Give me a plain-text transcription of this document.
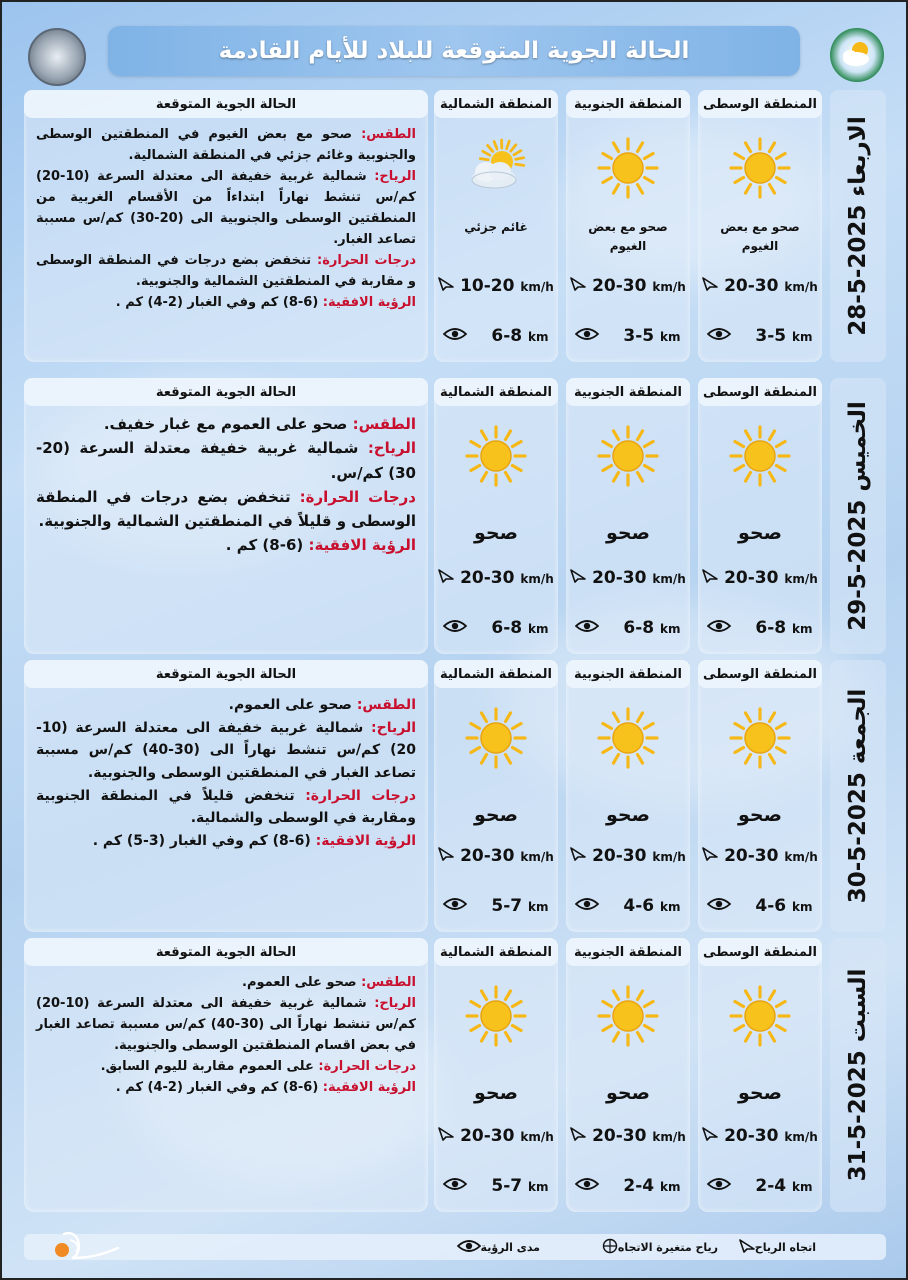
الحالة الجوية المتوقعة للبلاد للأيام القادمة
الحالة الجوية المتوقعة

الطقس: صحو مع بعض الغيوم في المنطقتين الوسطى والجنوبية وغائم جزئي في المنطقة الشمالية.

الرياح: شمالية غربية خفيفة الى معتدلة السرعة (10-20) كم/س تنشط نهاراً ابتداءاً من الأقسام الغربية من المنطقتين الوسطى والجنوبية الى (20-30) كم/س مسببة تصاعد الغبار.

درجات الحرارة: تنخفض بضع درجات في المنطقة الوسطى و مقاربة في المنطقتين الشمالية والجنوبية.

الرؤية الافقية: (6-8) كم وفي الغبار (2-4) كم .

المنطقة الوسطى
صحو مع بعض الغيوم
20-30 km/h
3-5 km
المنطقة الجنوبية
صحو مع بعض الغيوم
20-30 km/h
3-5 km
المنطقة الشمالية
غائم جزئي
10-20 km/h
6-8 km
الاربعاء 2025-5-28
الحالة الجوية المتوقعة

الطقس: صحو على العموم مع غبار خفيف.

الرياح: شمالية غربية خفيفة معتدلة السرعة (20-30) كم/س.

درجات الحرارة: تنخفض بضع درجات في المنطقة الوسطى و قليلاً في المنطقتين الشمالية والجنوبية.

الرؤية الافقية: (6-8) كم .

المنطقة الوسطى
صحو
20-30 km/h
6-8 km
المنطقة الجنوبية
صحو
20-30 km/h
6-8 km
المنطقة الشمالية
صحو
20-30 km/h
6-8 km	الخميس 2025-5-29
الحالة الجوية المتوقعة

الطقس: صحو على العموم.

الرياح: شمالية غربية خفيفة الى معتدلة السرعة (10-20) كم/س تنشط نهاراً الى (30-40) كم/س مسببة تصاعد الغبار في المنطقتين الوسطى والجنوبية.

درجات الحرارة: تنخفض قليلاً في المنطقة الجنوبية ومقاربة في الوسطى والشمالية.

الرؤية الافقية: (6-8) كم وفي الغبار (3-5) كم .

المنطقة الوسطى
صحو
20-30 km/h
4-6 km
المنطقة الجنوبية
صحو
20-30 km/h
4-6 km
المنطقة الشمالية
صحو
20-30 km/h
5-7 km
الجمعة 2025-5-30
الحالة الجوية المتوقعة

الطقس: صحو على العموم.

الرياح: شمالية غربية خفيفة الى معتدلة السرعة (10-20) كم/س تنشط نهاراً الى (30-40) كم/س مسببة تصاعد الغبار في بعض اقسام المنطقتين الوسطى والجنوبية.

درجات الحرارة: على العموم مقاربة لليوم السابق.

الرؤية الافقية: (6-8) كم وفي الغبار (2-4) كم .

المنطقة الوسطى
صحو
20-30 km/h
2-4 km
المنطقة الجنوبية
صحو
20-30 km/h
2-4 km
المنطقة الشمالية
صحو
20-30 km/h
5-7 km
السبت 2025-5-31
اتجاه الرياح
رياح متغيرة الاتجاه
مدى الرؤية
